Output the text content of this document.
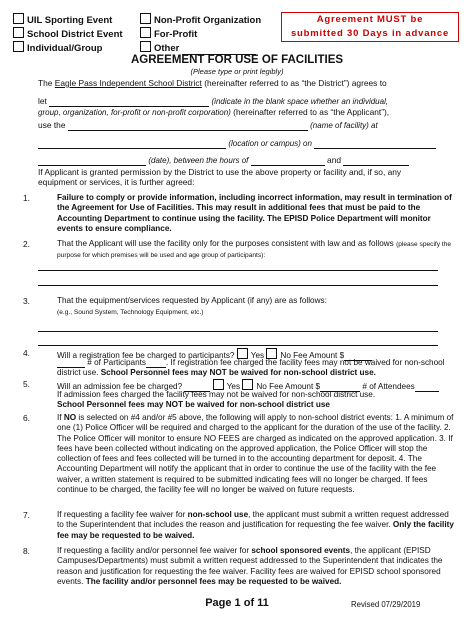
UIL Sporting Event
School District Event
Individual/Group
Non-Profit Organization
For-Profit
Other
Agreement MUST be
submitted 30 Days in advance
AGREEMENT FOR USE OF FACILITIES
(Please type or print legibly)
The Eagle Pass Independent School District (hereinafter referred to as “the District”) agrees to
let	(indicate in the blank space whether an individual,
group, organization, for-profit or non-profit corporation) (hereinafter referred to as “the Applicant”),
use the	(name of facility) at
(location or campus) on
(date), between the hours of	and
If Applicant is granted permission by the District to use the above property or facility and, if so, any equipment or services, it is further agreed:
1.	Failure to comply or provide information, including incorrect information, may result in termination of the Agreement for Use of Facilities. This may result in additional fees that must be paid to the Accounting Department to continue using the facility. The EPISD Police Department will monitor events to ensure compliance.
2.	That the Applicant will use the facility only for the purposes consistent with law and as follows (please specify the purpose for which premises will be used and age group of participants):
3.	That the equipment/services requested by Applicant (if any) are as follows:
(e.g., Sound System, Technology Equipment, etc.)
4.	Will a registration fee be charged to participants? Yes No Fee Amount $
# of Participants . If registration fee charged the facility fees may not be waived for non-school district use. School Personnel fees may NOT be waived for non-school district use.
5.	Will an admission fee be charged?	Yes No Fee Amount $	# of Attendees
If admission fees charged the facility fees may not be waived for non-school district use.
School Personnel fees may NOT be waived for non-school district use
6.	If NO is selected on #4 and/or #5 above, the following will apply to non-school district events: 1. A minimum of one (1) Police Officer will be required and charged to the applicant for the duration of the use of the facility. 2. The Police Officer will monitor to ensure NO FEES are charged as indicated on the approved application. 3. If fees have been collected without indicating on the approved application, the Police Officer will stop the collection of fees and fees collected will be turned in to the accounting department for deposit. 4. The Accounting Department will notify the applicant that in order to continue the use of the facility with the fee waiver, a written statement is required to be submitted indicating fees will no longer be charged. If fees continue to be charged, the facility fee will no longer be waived on future requests.
7.	If requesting a facility fee waiver for non-school use, the applicant must submit a written request addressed to the Superintendent that includes the reason and justification for requesting the fee waiver. Only the facility fee may be requested to be waived.
8.	If requesting a facility and/or personnel fee waiver for school sponsored events, the applicant (EPISD Campuses/Departments) must submit a written request addressed to the Superintendent that indicates the reason and justification for requesting the fee waiver. Facility fees are waived for EPISD school sponsored events. The facility and/or personnel fees may be requested to be waived.
Page 1 of 11	Revised 07/29/2019
